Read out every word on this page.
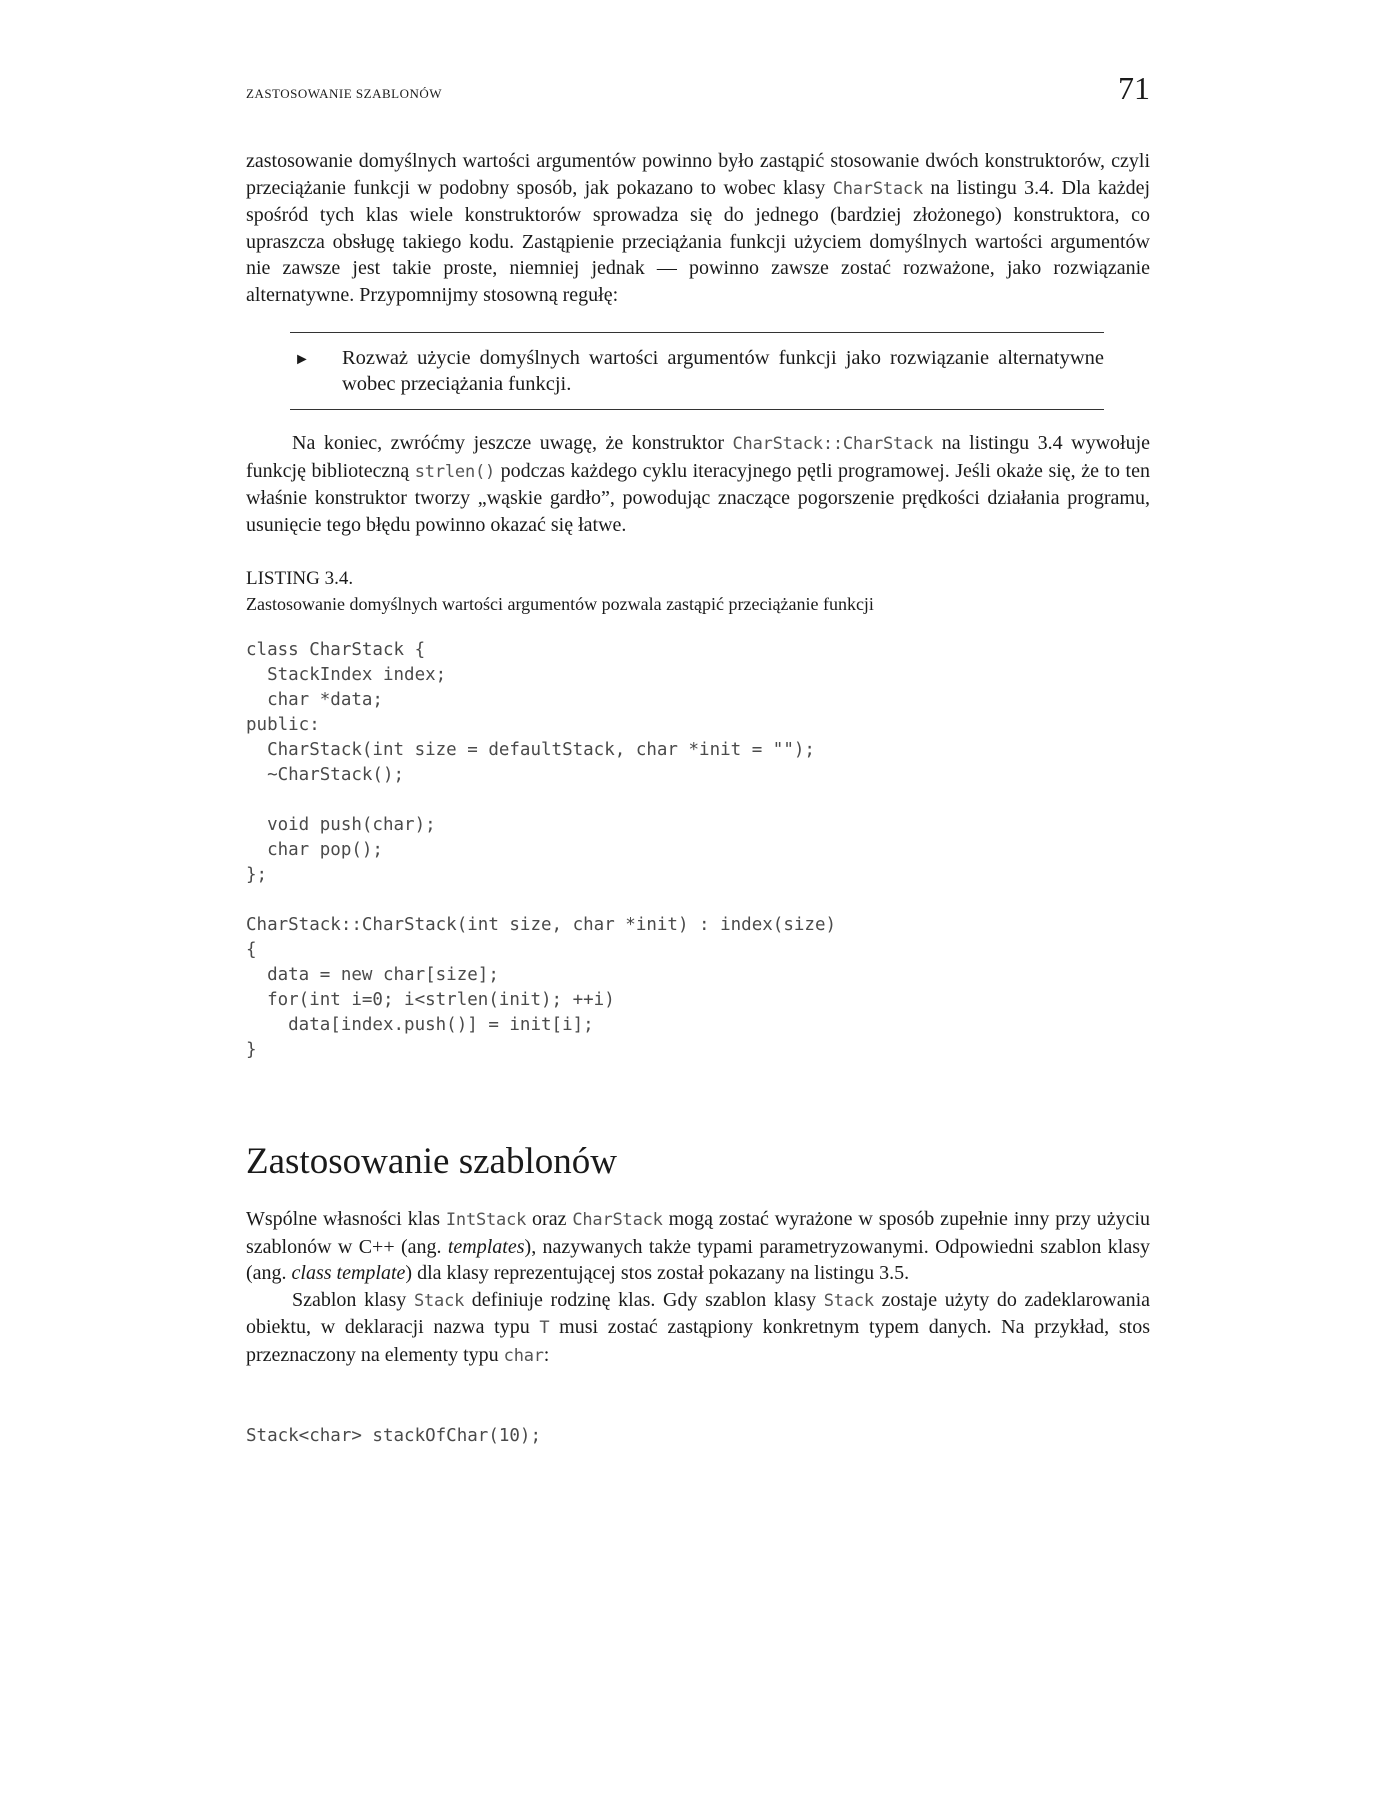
ZASTOSOWANIE SZABLONÓW	71

zastosowanie domyślnych wartości argumentów powinno było zastąpić stosowanie dwóch konstruktorów, czyli przeciążanie funkcji w podobny sposób, jak pokazano to wobec klasy CharStack na listingu 3.4. Dla każdej spośród tych klas wiele konstruktorów sprowadza się do jednego (bardziej złożonego) konstruktora, co upraszcza obsługę takiego kodu. Zastąpienie przeciążania funkcji użyciem domyślnych wartości argumentów nie zawsze jest takie proste, niemniej jednak — powinno zawsze zostać rozważone, jako rozwiązanie alternatywne. Przypomnijmy stosowną regułę:

► Rozważ użycie domyślnych wartości argumentów funkcji jako rozwiązanie alternatywne wobec przeciążania funkcji.

Na koniec, zwróćmy jeszcze uwagę, że konstruktor CharStack::CharStack na listingu 3.4 wywołuje funkcję biblioteczną strlen() podczas każdego cyklu iteracyjnego pętli programowej. Jeśli okaże się, że to ten właśnie konstruktor tworzy „wąskie gardło”, powodując znaczące pogorszenie prędkości działania programu, usunięcie tego błędu powinno okazać się łatwe.

LISTING 3.4.
Zastosowanie domyślnych wartości argumentów pozwala zastąpić przeciążanie funkcji
class CharStack {
StackIndex index;
char *data;
public:
CharStack(int size = defaultStack, char *init = "");
~CharStack();
void push(char);
char pop();
};
CharStack::CharStack(int size, char *init) : index(size)
{
data = new char[size];
for(int i=0; i<strlen(init); ++i)
data[index.push()] = init[i];
}
Zastosowanie szablonów

Wspólne własności klas IntStack oraz CharStack mogą zostać wyrażone w sposób zupełnie inny przy użyciu szablonów w C++ (ang. templates), nazywanych także typami parametryzowanymi. Odpowiedni szablon klasy (ang. class template) dla klasy reprezentującej stos został pokazany na listingu 3.5.

Szablon klasy Stack definiuje rodzinę klas. Gdy szablon klasy Stack zostaje użyty do zadeklarowania obiektu, w deklaracji nazwa typu T musi zostać zastąpiony konkretnym typem danych. Na przykład, stos przeznaczony na elementy typu char:

Stack<char> stackOfChar(10);
